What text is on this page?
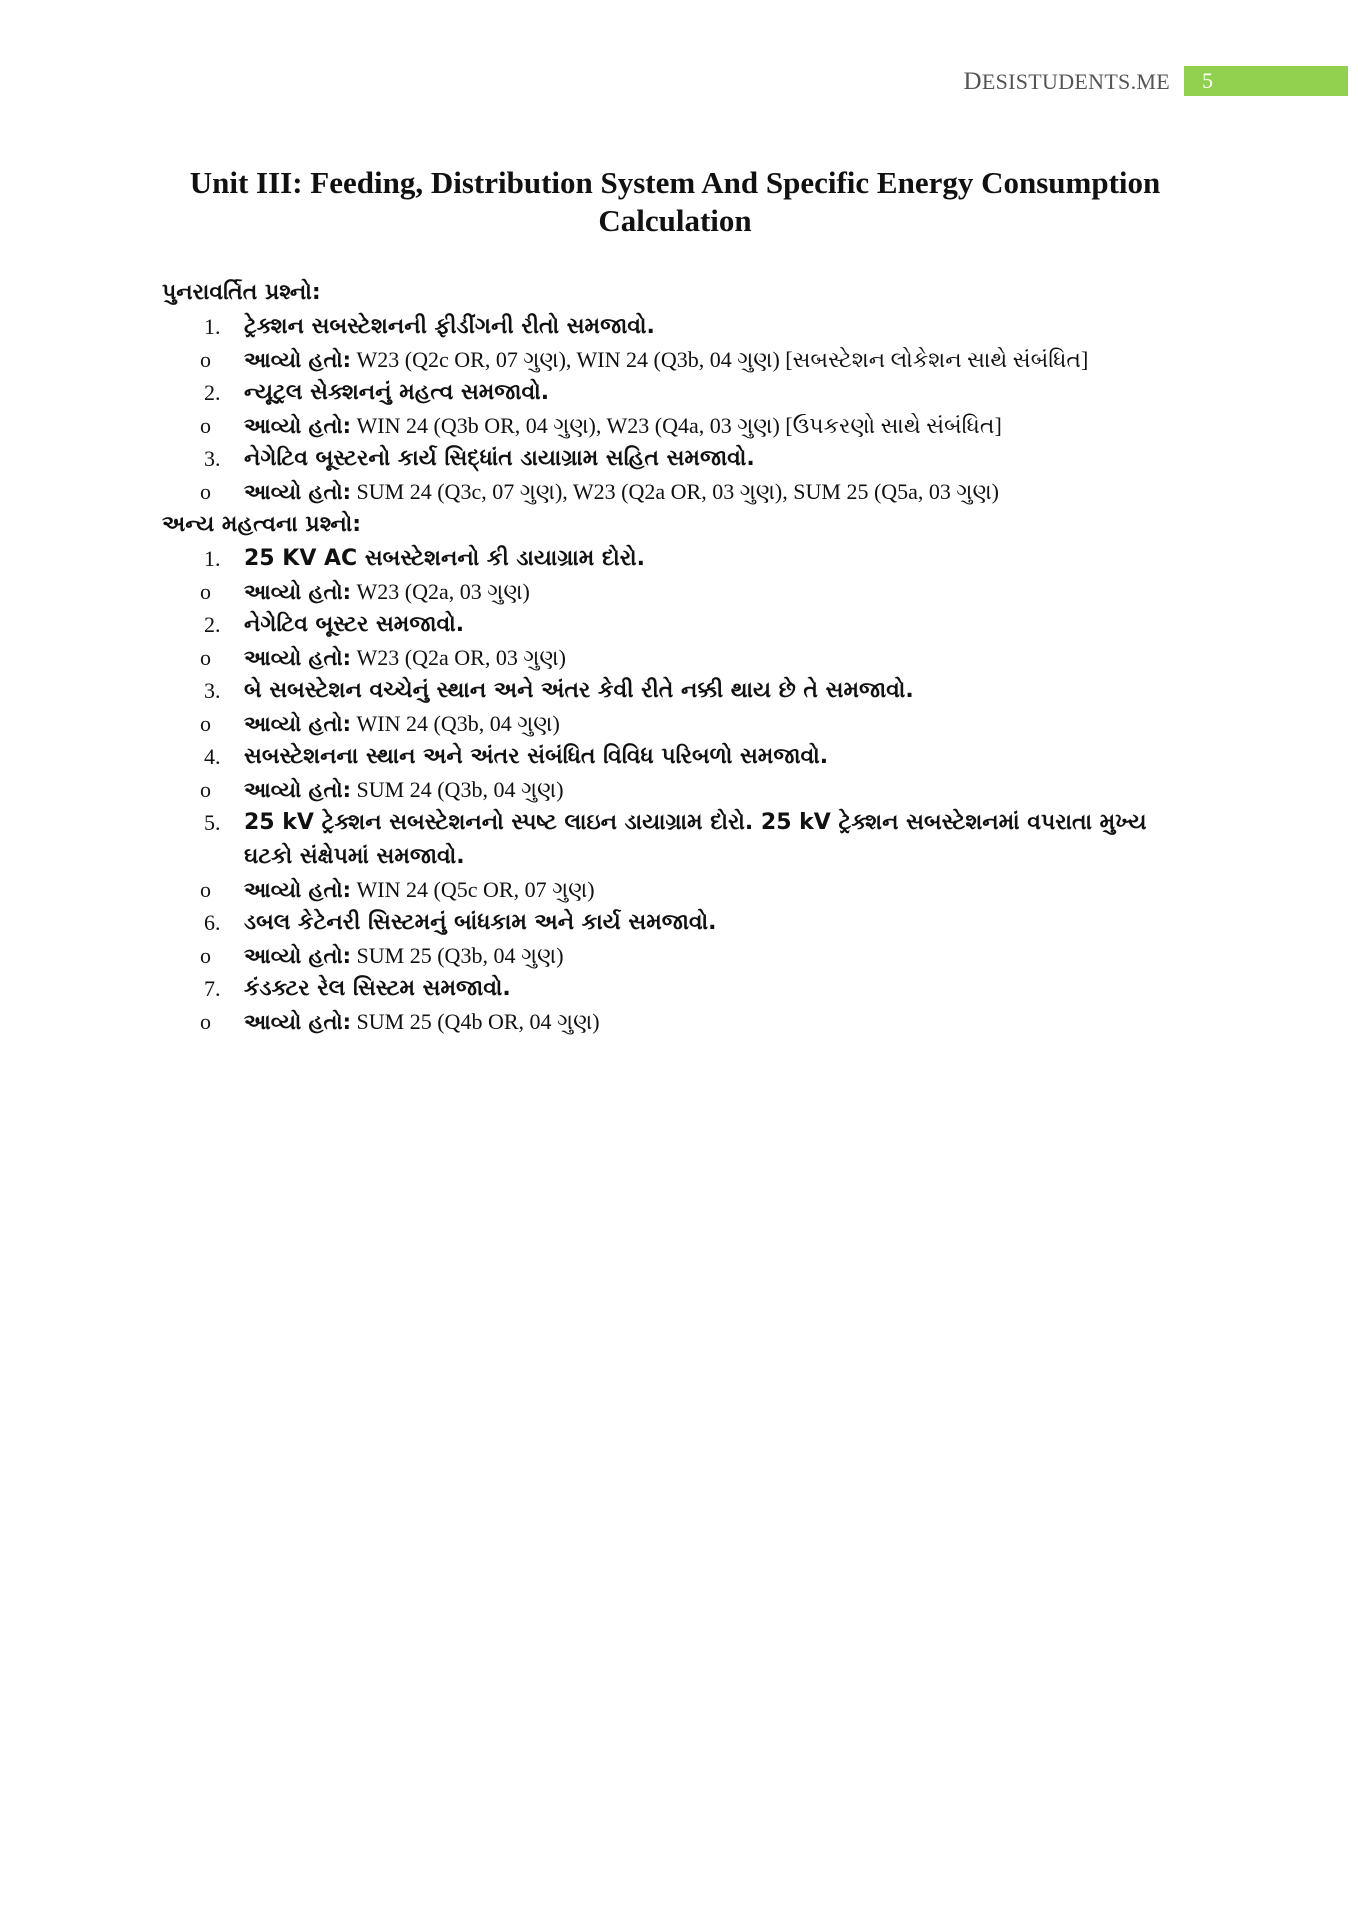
DESISTUDENTS.ME	5
Unit III: Feeding, Distribution System And Specific Energy Consumption Calculation

પુનરાવર્તિત પ્રશ્નો:

1. ટ્રેક્શન સબસ્ટેશનની ફીડીંગની રીતો સમજાવો.
o આવ્યો હતો: W23 (Q2c OR, 07 ગુણ), WIN 24 (Q3b, 04 ગુણ) [સબસ્ટેશન લોકેશન સાથે સંબંધિત]
2. ન્યૂટ્રલ સેક્શનનું મહત્વ સમજાવો.
o આવ્યો હતો: WIN 24 (Q3b OR, 04 ગુણ), W23 (Q4a, 03 ગુણ) [ઉપકરણો સાથે સંબંધિત]
3. નેગેટિવ બૂસ્ટરનો કાર્ય સિદ્ધાંત ડાયાગ્રામ સહિત સમજાવો.
o આવ્યો હતો: SUM 24 (Q3c, 07 ગુણ), W23 (Q2a OR, 03 ગુણ), SUM 25 (Q5a, 03 ગુણ)

અન્ય મહત્વના પ્રશ્નો:

1. 25 KV AC સબસ્ટેશનનો કી ડાયાગ્રામ દોરો.
o આવ્યો હતો: W23 (Q2a, 03 ગુણ)
2. નેગેટિવ બૂસ્ટર સમજાવો.
o આવ્યો હતો: W23 (Q2a OR, 03 ગુણ)
3. બે સબસ્ટેશન વચ્ચેનું સ્થાન અને અંતર કેવી રીતે નક્કી થાય છે તે સમજાવો.
o આવ્યો હતો: WIN 24 (Q3b, 04 ગુણ)
4. સબસ્ટેશનના સ્થાન અને અંતર સંબંધિત વિવિધ પરિબળો સમજાવો.
o આવ્યો હતો: SUM 24 (Q3b, 04 ગુણ)
5. 25 kV ટ્રેક્શન સબસ્ટેશનનો સ્પષ્ટ લાઇન ડાયાગ્રામ દોરો. 25 kV ટ્રેક્શન સબસ્ટેશનમાં વપરાતા મુખ્ય ઘટકો સંક્ષેપમાં સમજાવો.
o આવ્યો હતો: WIN 24 (Q5c OR, 07 ગુણ)
6. ડબલ કેટેનરી સિસ્ટમનું બાંધકામ અને કાર્ય સમજાવો.
o આવ્યો હતો: SUM 25 (Q3b, 04 ગુણ)
7. કંડક્ટર રેલ સિસ્ટમ સમજાવો.
o આવ્યો હતો: SUM 25 (Q4b OR, 04 ગુણ)
